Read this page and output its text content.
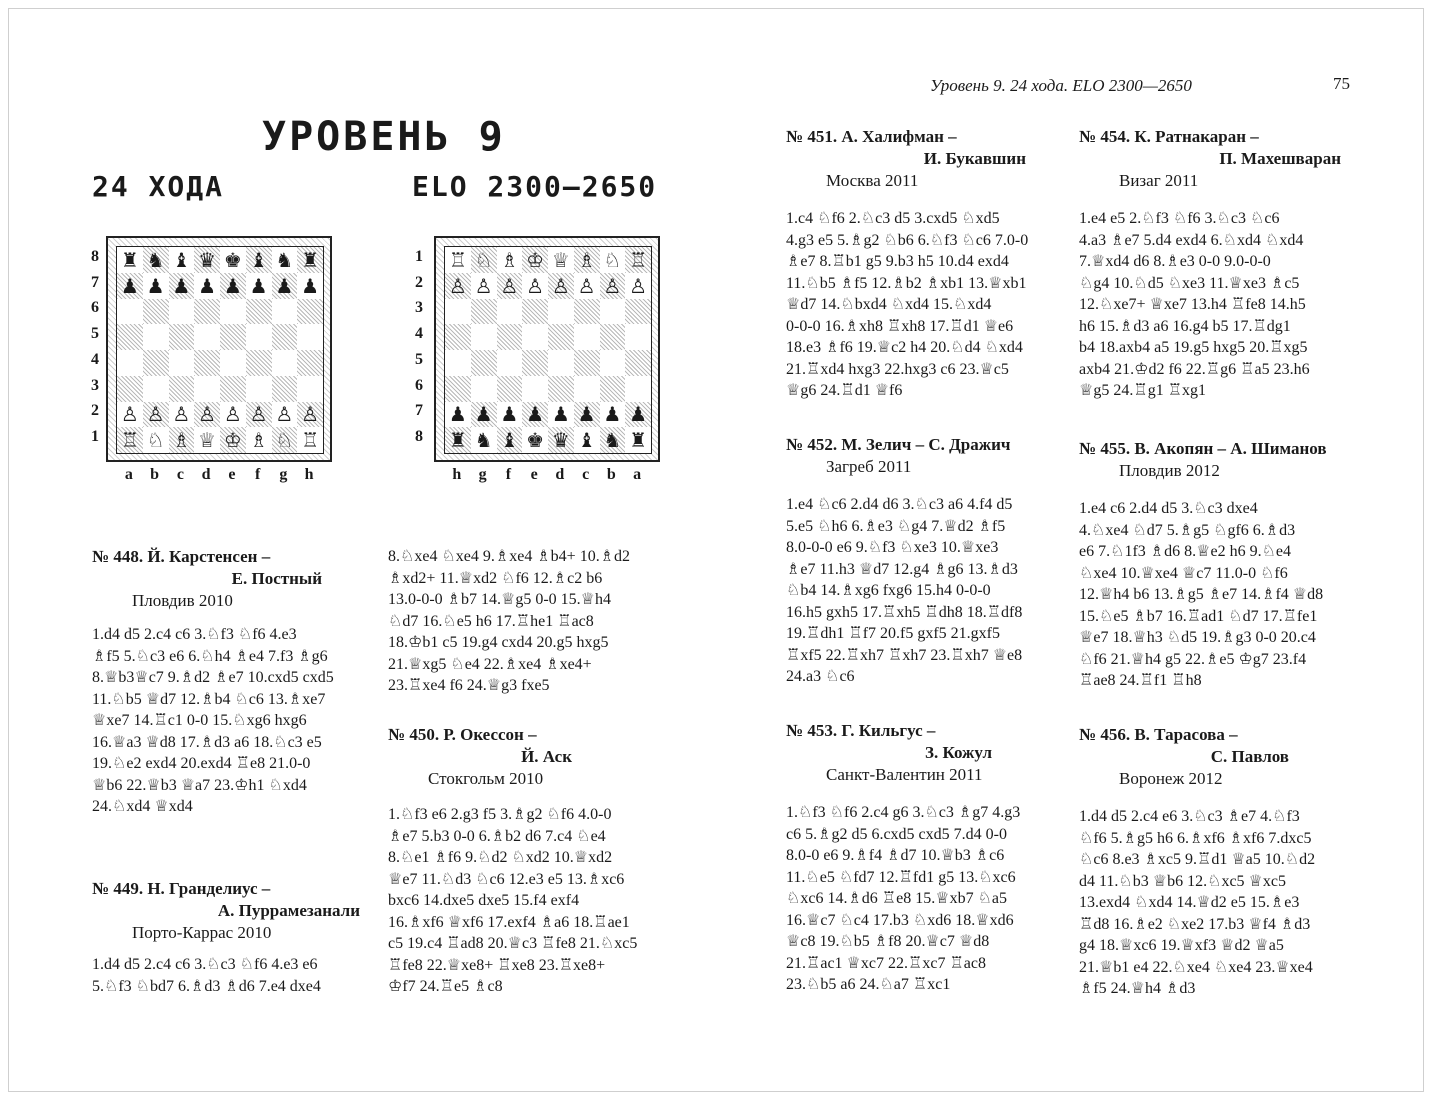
Уровень 9. 24 хода. ELO 2300—2650	75
УРОВЕНЬ 9
24 ХОДА	ELO 2300—2650
8
7
6
5
4
3
2
1
♜ ♞ ♝ ♛ ♚ ♝ ♞ ♜
♟ ♟ ♟ ♟ ♟ ♟ ♟ ♟
♙ ♙ ♙ ♙ ♙ ♙ ♙ ♙
♖ ♘ ♗ ♕ ♔ ♗ ♘ ♖
a	b	c	d	e	f	g	h
1
2
3
4
5
6
7
8
♖ ♘ ♗ ♔ ♕ ♗ ♘ ♖
♙ ♙ ♙ ♙ ♙ ♙ ♙ ♙
♟ ♟ ♟ ♟ ♟ ♟ ♟ ♟
♜ ♞ ♝ ♚ ♛ ♝ ♞ ♜
h	g	f	e	d	c	b	a
№ 448. Й. Карстенсен –
Е. Постный
Пловдив 2010
1.d4 d5 2.c4 c6 3.♘f3 ♘f6 4.e3
♗f5 5.♘c3 e6 6.♘h4 ♗e4 7.f3 ♗g6
8.♕b3♕c7 9.♗d2 ♗e7 10.cxd5 cxd5
11.♘b5 ♕d7 12.♗b4 ♘c6 13.♗xe7
♕xe7 14.♖c1 0-0 15.♘xg6 hxg6
16.♕a3 ♕d8 17.♗d3 a6 18.♘c3 e5
19.♘e2 exd4 20.exd4 ♖e8 21.0-0
♕b6 22.♕b3 ♕a7 23.♔h1 ♘xd4
24.♘xd4 ♕xd4
№ 449. Н. Гранделиус –
А. Пуррамезанали
Порто-Каррас 2010
1.d4 d5 2.c4 c6 3.♘c3 ♘f6 4.e3 e6
5.♘f3 ♘bd7 6.♗d3 ♗d6 7.e4 dxe4
8.♘xe4 ♘xe4 9.♗xe4 ♗b4+ 10.♗d2
♗xd2+ 11.♕xd2 ♘f6 12.♗c2 b6
13.0-0-0 ♗b7 14.♕g5 0-0 15.♕h4
♘d7 16.♘e5 h6 17.♖he1 ♖ac8
18.♔b1 c5 19.g4 cxd4 20.g5 hxg5
21.♕xg5 ♘e4 22.♗xe4 ♗xe4+
23.♖xe4 f6 24.♕g3 fxe5
№ 450. Р. Окессон –
Й. Аск
Стокгольм 2010
1.♘f3 e6 2.g3 f5 3.♗g2 ♘f6 4.0-0
♗e7 5.b3 0-0 6.♗b2 d6 7.c4 ♘e4
8.♘e1 ♗f6 9.♘d2 ♘xd2 10.♕xd2
♕e7 11.♘d3 ♘c6 12.e3 e5 13.♗xc6
bxc6 14.dxe5 dxe5 15.f4 exf4
16.♗xf6 ♕xf6 17.exf4 ♗a6 18.♖ae1
c5 19.c4 ♖ad8 20.♕c3 ♖fe8 21.♘xc5
♖fe8 22.♕xe8+ ♖xe8 23.♖xe8+
♔f7 24.♖e5 ♗c8
№ 451. А. Халифман –
И. Букавшин
Москва 2011
1.c4 ♘f6 2.♘c3 d5 3.cxd5 ♘xd5
4.g3 e5 5.♗g2 ♘b6 6.♘f3 ♘c6 7.0-0
♗e7 8.♖b1 g5 9.b3 h5 10.d4 exd4
11.♘b5 ♗f5 12.♗b2 ♗xb1 13.♕xb1
♕d7 14.♘bxd4 ♘xd4 15.♘xd4
0-0-0 16.♗xh8 ♖xh8 17.♖d1 ♕e6
18.e3 ♗f6 19.♕c2 h4 20.♘d4 ♘xd4
21.♖xd4 hxg3 22.hxg3 c6 23.♕c5
♕g6 24.♖d1 ♕f6
№ 452. М. Зелич – С. Дражич
Загреб 2011
1.e4 ♘c6 2.d4 d6 3.♘c3 a6 4.f4 d5
5.e5 ♘h6 6.♗e3 ♘g4 7.♕d2 ♗f5
8.0-0-0 e6 9.♘f3 ♘xe3 10.♕xe3
♗e7 11.h3 ♕d7 12.g4 ♗g6 13.♗d3
♘b4 14.♗xg6 fxg6 15.h4 0-0-0
16.h5 gxh5 17.♖xh5 ♖dh8 18.♖df8
19.♖dh1 ♖f7 20.f5 gxf5 21.gxf5
♖xf5 22.♖xh7 ♖xh7 23.♖xh7 ♕e8
24.a3 ♘c6
№ 453. Г. Кильгус –
З. Кожул
Санкт-Валентин 2011
1.♘f3 ♘f6 2.c4 g6 3.♘c3 ♗g7 4.g3
c6 5.♗g2 d5 6.cxd5 cxd5 7.d4 0-0
8.0-0 e6 9.♗f4 ♗d7 10.♕b3 ♗c6
11.♘e5 ♘fd7 12.♖fd1 g5 13.♘xc6
♘xc6 14.♗d6 ♖e8 15.♕xb7 ♘a5
16.♕c7 ♘c4 17.b3 ♘xd6 18.♕xd6
♕c8 19.♘b5 ♗f8 20.♕c7 ♕d8
21.♖ac1 ♕xc7 22.♖xc7 ♖ac8
23.♘b5 a6 24.♘a7 ♖xc1
№ 454. К. Ратнакаран –
П. Махешваран
Визаг 2011
1.e4 e5 2.♘f3 ♘f6 3.♘c3 ♘c6
4.a3 ♗e7 5.d4 exd4 6.♘xd4 ♘xd4
7.♕xd4 d6 8.♗e3 0-0 9.0-0-0
♘g4 10.♘d5 ♘xe3 11.♕xe3 ♗c5
12.♘xe7+ ♕xe7 13.h4 ♖fe8 14.h5
h6 15.♗d3 a6 16.g4 b5 17.♖dg1
b4 18.axb4 a5 19.g5 hxg5 20.♖xg5
axb4 21.♔d2 f6 22.♖g6 ♖a5 23.h6
♕g5 24.♖g1 ♖xg1
№ 455. В. Акопян – А. Шиманов
Пловдив 2012
1.e4 c6 2.d4 d5 3.♘c3 dxe4
4.♘xe4 ♘d7 5.♗g5 ♘gf6 6.♗d3
e6 7.♘1f3 ♗d6 8.♕e2 h6 9.♘e4
♘xe4 10.♕xe4 ♕c7 11.0-0 ♘f6
12.♕h4 b6 13.♗g5 ♗e7 14.♗f4 ♕d8
15.♘e5 ♗b7 16.♖ad1 ♘d7 17.♖fe1
♕e7 18.♕h3 ♘d5 19.♗g3 0-0 20.c4
♘f6 21.♕h4 g5 22.♗e5 ♔g7 23.f4
♖ae8 24.♖f1 ♖h8
№ 456. В. Тарасова –
С. Павлов
Воронеж 2012
1.d4 d5 2.c4 e6 3.♘c3 ♗e7 4.♘f3
♘f6 5.♗g5 h6 6.♗xf6 ♗xf6 7.dxc5
♘c6 8.e3 ♗xc5 9.♖d1 ♕a5 10.♘d2
d4 11.♘b3 ♕b6 12.♘xc5 ♕xc5
13.exd4 ♘xd4 14.♕d2 e5 15.♗e3
♖d8 16.♗e2 ♘xe2 17.b3 ♕f4 ♗d3
g4 18.♕xc6 19.♕xf3 ♕d2 ♕a5
21.♕b1 e4 22.♘xe4 ♘xe4 23.♕xe4
♗f5 24.♕h4 ♗d3
